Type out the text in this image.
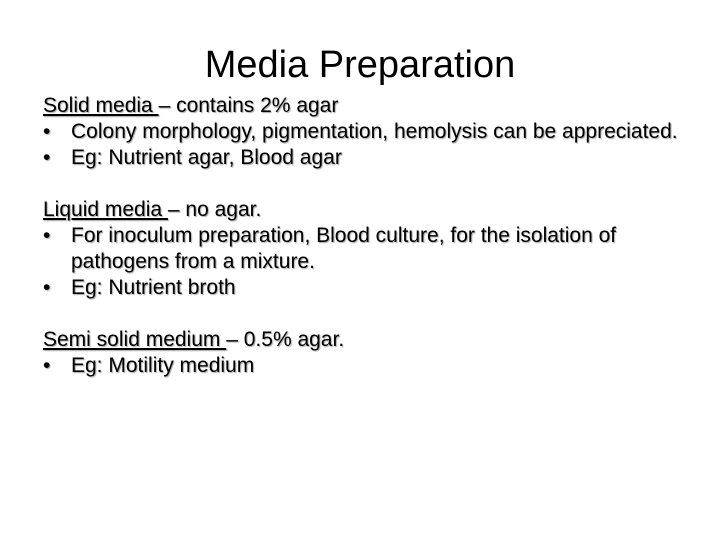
Media Preparation
Solid media – contains 2% agar
• Colony morphology, pigmentation, hemolysis can be appreciated.
• Eg: Nutrient agar, Blood agar
Liquid media – no agar.
• For inoculum preparation, Blood culture, for the isolation of pathogens from a mixture.
• Eg: Nutrient broth
Semi solid medium – 0.5% agar.
• Eg: Motility medium
